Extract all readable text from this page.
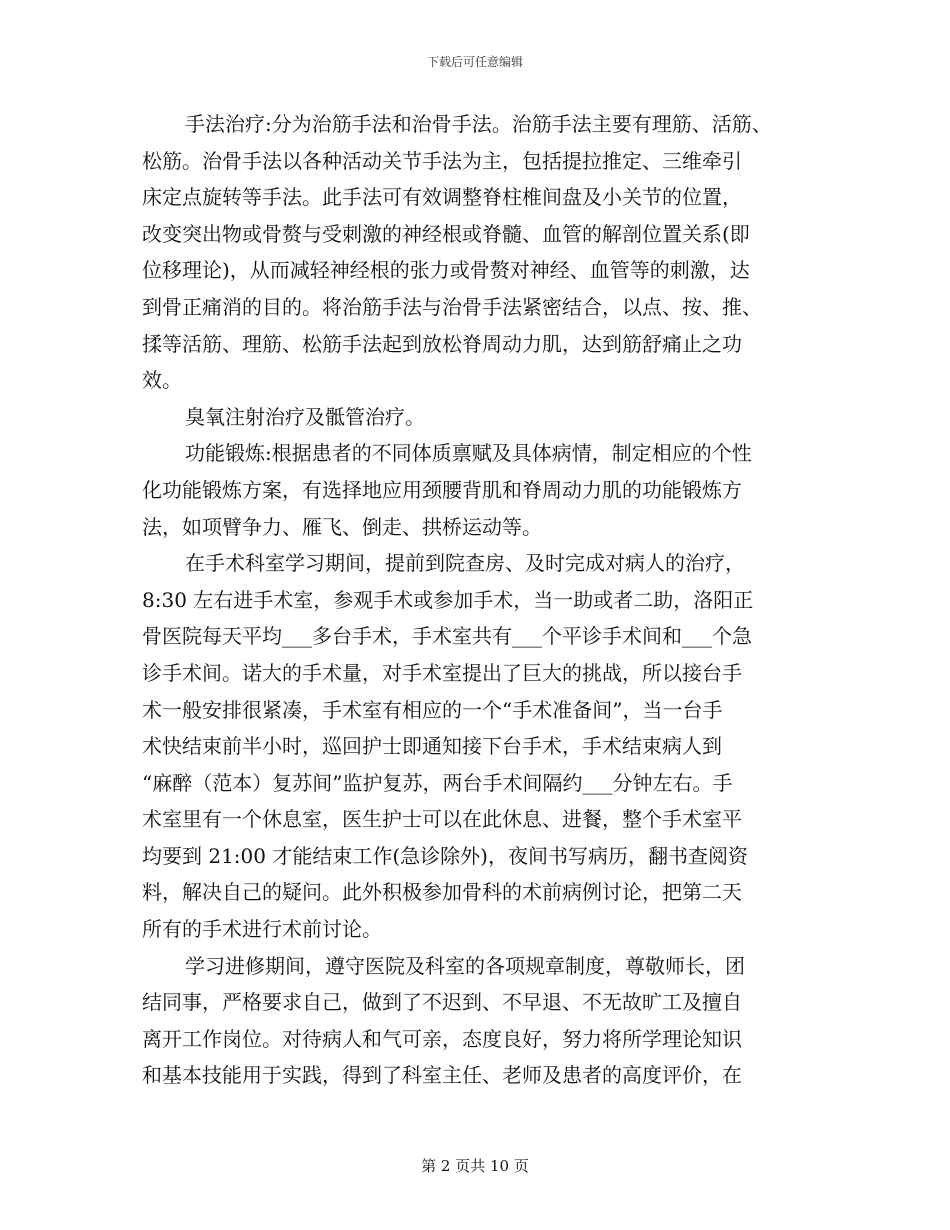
下载后可任意编辑
手法治疗:分为治筋手法和治骨手法。治筋手法主要有理筋、活筋、
松筋。治骨手法以各种活动关节手法为主，包括提拉推定、三维牵引
床定点旋转等手法。此手法可有效调整脊柱椎间盘及小关节的位置，
改变突出物或骨赘与受刺激的神经根或脊髓、血管的解剖位置关系(即
位移理论)，从而减轻神经根的张力或骨赘对神经、血管等的刺激，达
到骨正痛消的目的。将治筋手法与治骨手法紧密结合，以点、按、推、
揉等活筋、理筋、松筋手法起到放松脊周动力肌，达到筋舒痛止之功
效。
臭氧注射治疗及骶管治疗。
功能锻炼:根据患者的不同体质禀赋及具体病情，制定相应的个性
化功能锻炼方案，有选择地应用颈腰背肌和脊周动力肌的功能锻炼方
法，如项臂争力、雁飞、倒走、拱桥运动等。
在手术科室学习期间，提前到院查房、及时完成对病人的治疗，
8:30 左右进手术室，参观手术或参加手术，当一助或者二助，洛阳正
骨医院每天平均___多台手术，手术室共有___个平诊手术间和___个急
诊手术间。诺大的手术量，对手术室提出了巨大的挑战，所以接台手
术一般安排很紧凑，手术室有相应的一个“手术准备间”，当一台手
术快结束前半小时，巡回护士即通知接下台手术，手术结束病人到
“麻醉（范本）复苏间”监护复苏，两台手术间隔约___分钟左右。手
术室里有一个休息室，医生护士可以在此休息、进餐，整个手术室平
均要到 21:00 才能结束工作(急诊除外)，夜间书写病历，翻书查阅资
料，解决自己的疑问。此外积极参加骨科的术前病例讨论，把第二天
所有的手术进行术前讨论。
学习进修期间，遵守医院及科室的各项规章制度，尊敬师长，团
结同事，严格要求自己，做到了不迟到、不早退、不无故旷工及擅自
离开工作岗位。对待病人和气可亲，态度良好，努力将所学理论知识
和基本技能用于实践，得到了科室主任、老师及患者的高度评价，在
第 2 页共 10 页
